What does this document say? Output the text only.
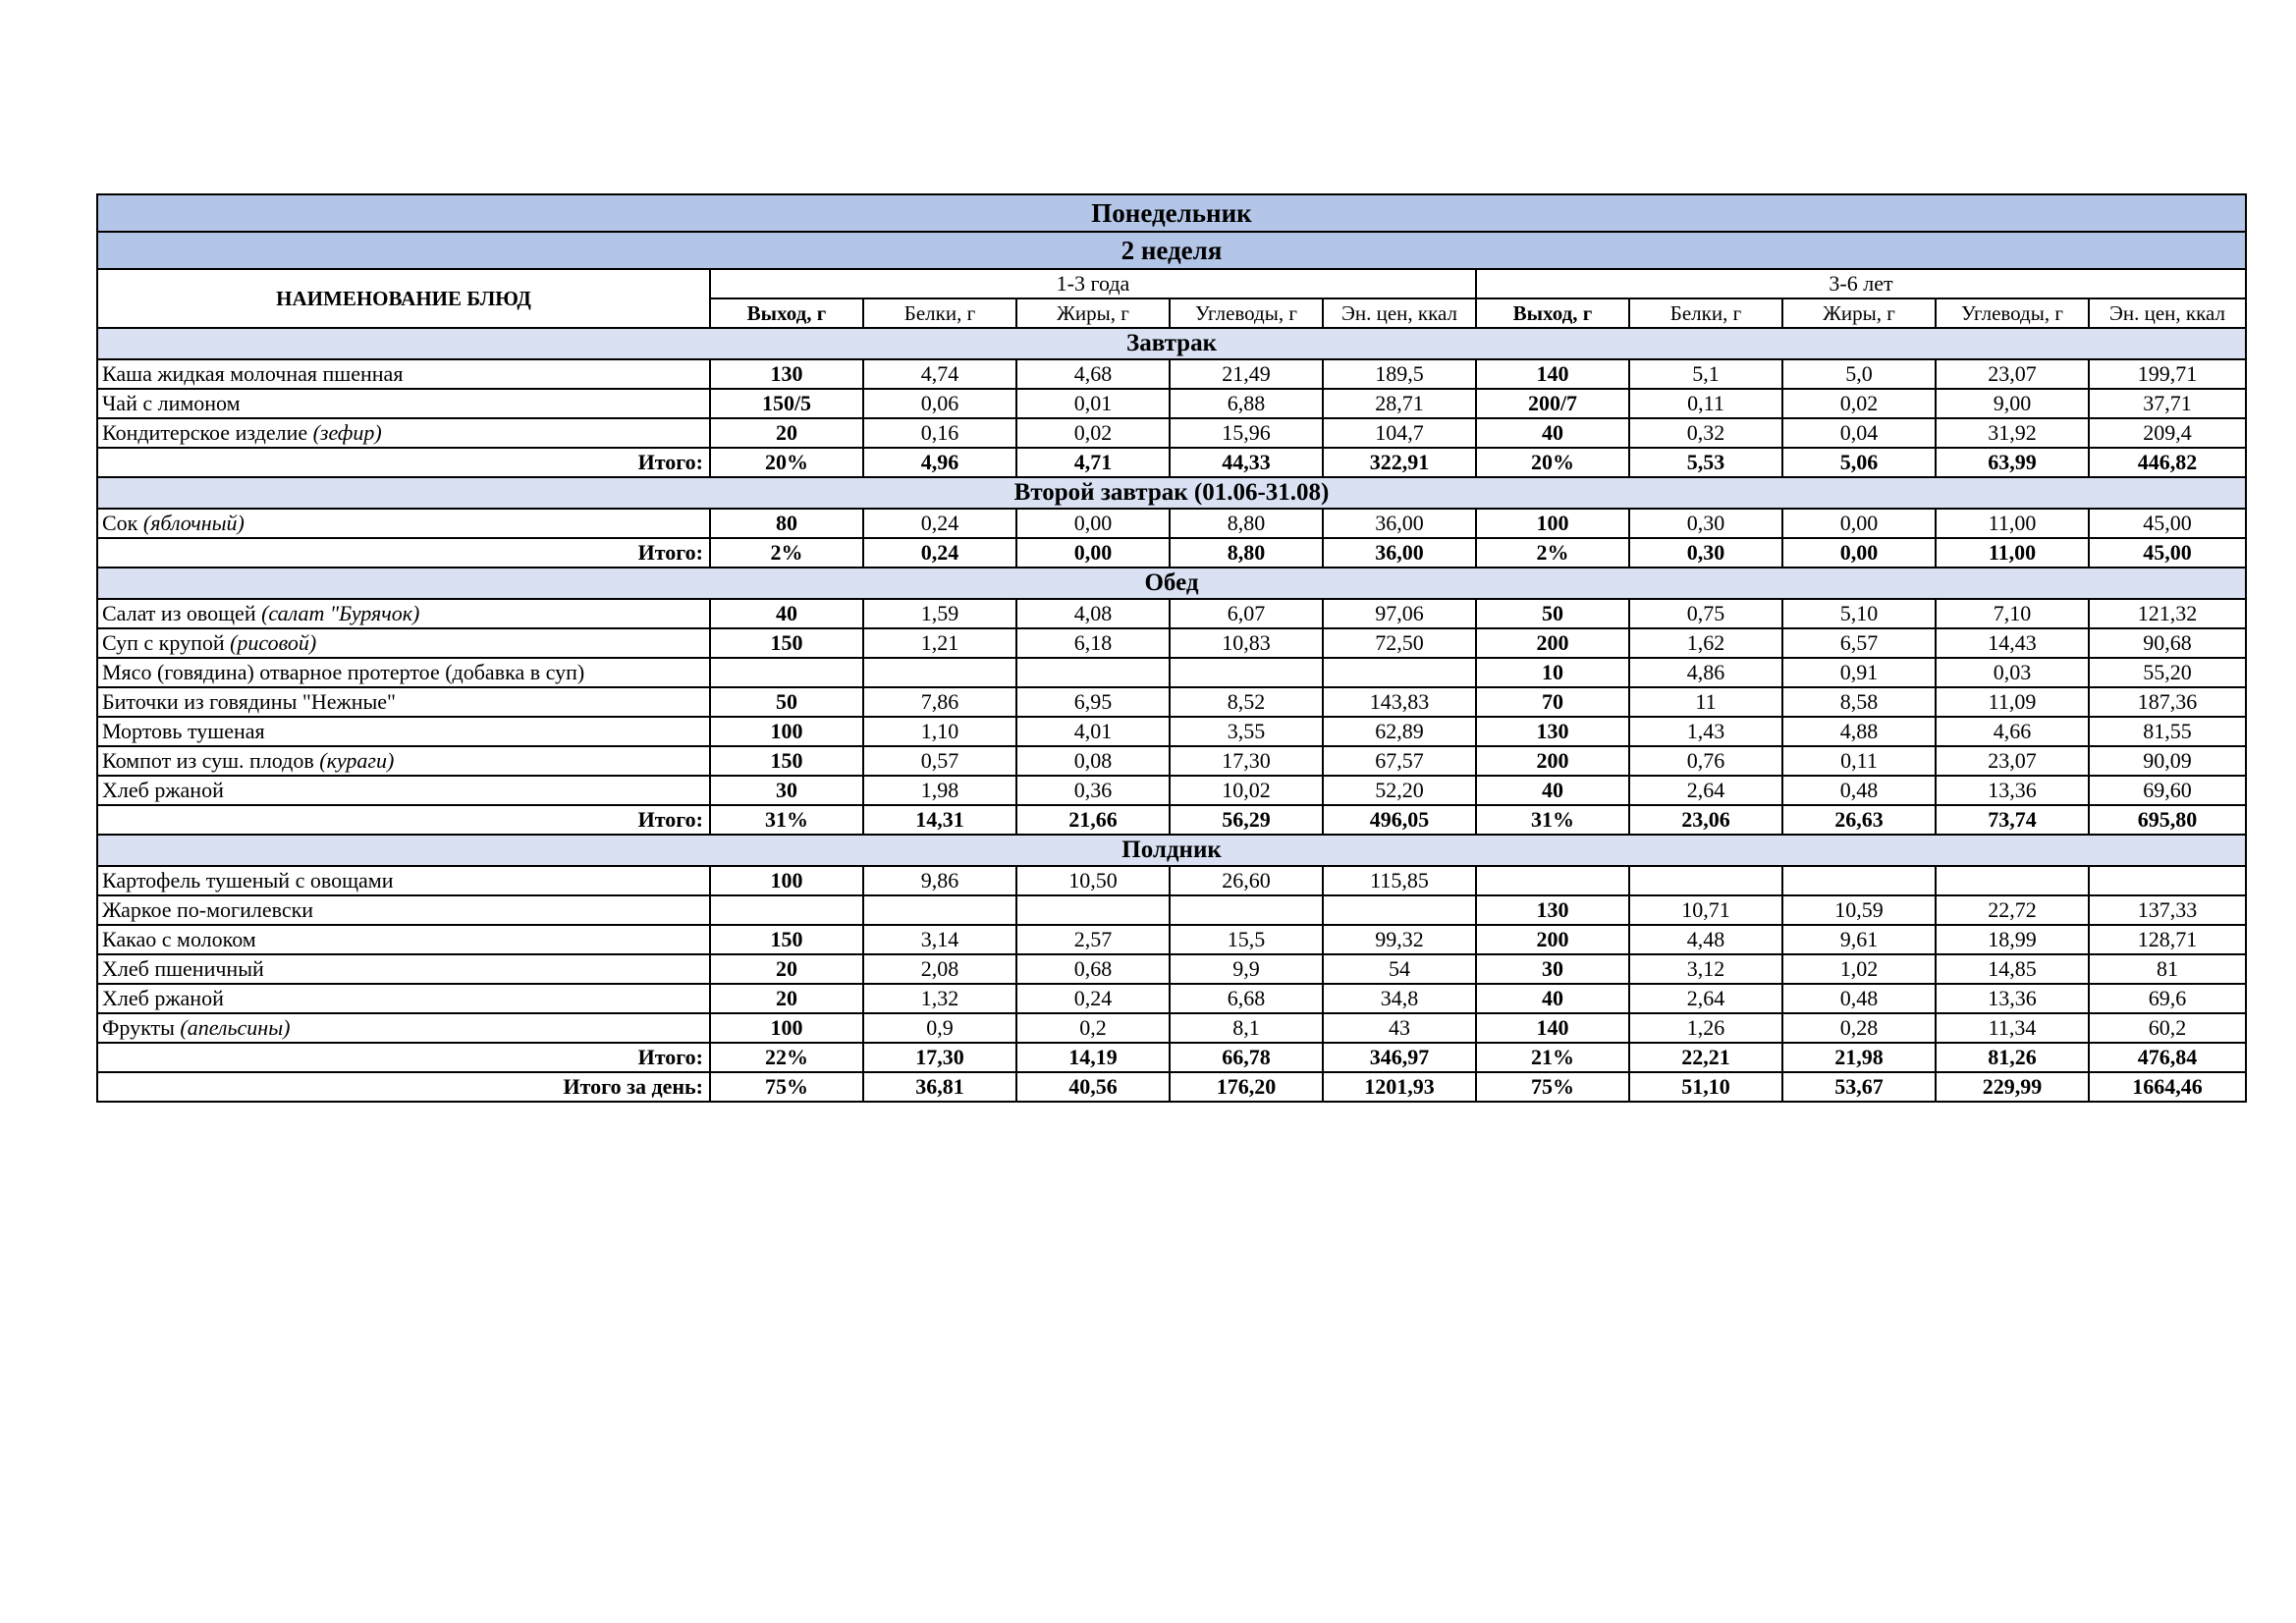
Понедельник										
2 неделя										
НАИМЕНОВАНИЕ БЛЮД	1-3 года					3-6 лет				
	Выход, г	Белки, г	Жиры, г	Углеводы, г	Эн. цен, ккал	Выход, г	Белки, г	Жиры, г	Углеводы, г	Эн. цен, ккал
Завтрак										
Каша жидкая молочная пшенная	130	4,74	4,68	21,49	189,5	140	5,1	5,0	23,07	199,71
Чай с лимоном	150/5	0,06	0,01	6,88	28,71	200/7	0,11	0,02	9,00	37,71
Кондитерское изделие (зефир)	20	0,16	0,02	15,96	104,7	40	0,32	0,04	31,92	209,4
Итого:	20%	4,96	4,71	44,33	322,91	20%	5,53	5,06	63,99	446,82
Второй завтрак (01.06-31.08)										
Сок (яблочный)	80	0,24	0,00	8,80	36,00	100	0,30	0,00	11,00	45,00
Итого:	2%	0,24	0,00	8,80	36,00	2%	0,30	0,00	11,00	45,00
Обед										
Салат из овощей (салат "Бурячок)	40	1,59	4,08	6,07	97,06	50	0,75	5,10	7,10	121,32
Суп с крупой (рисовой)	150	1,21	6,18	10,83	72,50	200	1,62	6,57	14,43	90,68
Мясо (говядина) отварное протертое (добавка в суп)						10	4,86	0,91	0,03	55,20
Биточки из говядины "Нежные"	50	7,86	6,95	8,52	143,83	70	11	8,58	11,09	187,36
Мортовь тушеная	100	1,10	4,01	3,55	62,89	130	1,43	4,88	4,66	81,55
Компот из суш. плодов (кураги)	150	0,57	0,08	17,30	67,57	200	0,76	0,11	23,07	90,09
Хлеб ржаной	30	1,98	0,36	10,02	52,20	40	2,64	0,48	13,36	69,60
Итого:	31%	14,31	21,66	56,29	496,05	31%	23,06	26,63	73,74	695,80
Полдник										
Картофель тушеный с овощами	100	9,86	10,50	26,60	115,85					
Жаркое по-могилевски						130	10,71	10,59	22,72	137,33
Какао с молоком	150	3,14	2,57	15,5	99,32	200	4,48	9,61	18,99	128,71
Хлеб пшеничный	20	2,08	0,68	9,9	54	30	3,12	1,02	14,85	81
Хлеб ржаной	20	1,32	0,24	6,68	34,8	40	2,64	0,48	13,36	69,6
Фрукты (апельсины)	100	0,9	0,2	8,1	43	140	1,26	0,28	11,34	60,2
Итого:	22%	17,30	14,19	66,78	346,97	21%	22,21	21,98	81,26	476,84
Итого за день:	75%	36,81	40,56	176,20	1201,93	75%	51,10	53,67	229,99	1664,46
